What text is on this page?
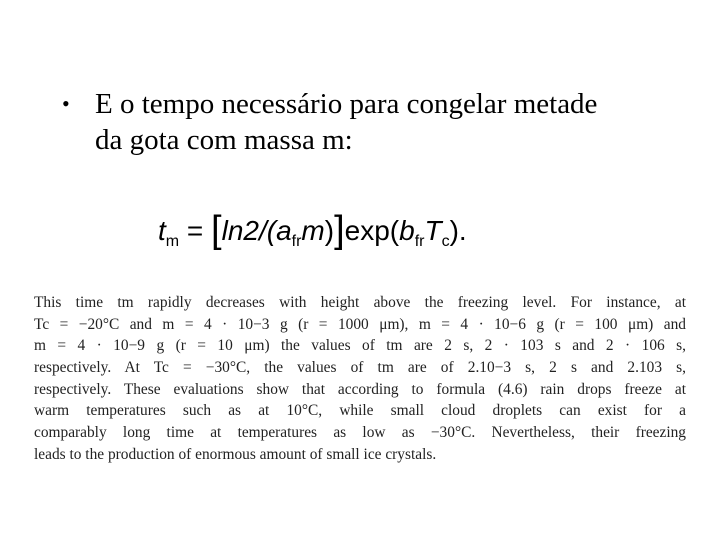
• E o tempo necessário para congelar metade
da gota com massa m:
$t_m = [\ln 2/(a_{fr}m)]\exp(b_{fr}T_c)$.
This time tm rapidly decreases with height above the freezing level. For instance, at
Tc = −20°C and m = 4 · 10−3 g (r = 1000 μm), m = 4 · 10−6 g (r = 100 μm) and
m = 4 · 10−9 g (r = 10 μm) the values of tm are 2 s, 2 · 103 s and 2 · 106 s,
respectively. At Tc = −30°C, the values of tm are of 2.10−3 s, 2 s and 2.103 s,
respectively. These evaluations show that according to formula (4.6) rain drops freeze at
warm temperatures such as at 10°C, while small cloud droplets can exist for a
comparably long time at temperatures as low as −30°C. Nevertheless, their freezing
leads to the production of enormous amount of small ice crystals.
